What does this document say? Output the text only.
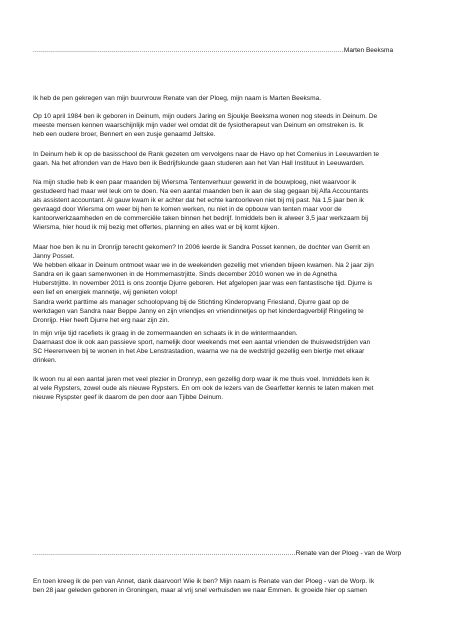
...........................................................................................................................................................Marten Beeksma
Ik heb de pen gekregen van mijn buurvrouw Renate van der Ploeg, mijn naam is Marten Beeksma.
Op 10 april 1984 ben ik geboren in Deinum, mijn ouders Jaring en Sjoukje Beeksma wonen nog steeds in Deinum. De
meeste mensen kennen waarschijnlijk mijn vader wel omdat dit de fysiotherapeut van Deinum en omstreken is. Ik
heb een oudere broer, Bennert en een zusje genaamd Jeltske.
In Deinum heb ik op de basisschool de Rank gezeten om vervolgens naar de Havo op het Comenius in Leeuwarden te
gaan. Na het afronden van de Havo ben ik Bedrijfskunde gaan studeren aan het Van Hall Instituut in Leeuwarden.
Na mijn studie heb ik een paar maanden bij Wiersma Tentenverhuur gewerkt in de bouwploeg, niet waarvoor ik
gestudeerd had maar wel leuk om te doen. Na een aantal maanden ben ik aan de slag gegaan bij Alfa Accountants
als assistent accountant. Al gauw kwam ik er achter dat het echte kantoorleven niet bij mij past. Na 1,5 jaar ben ik
gevraagd door Wiersma om weer bij hen te komen werken, nu niet in de opbouw van tenten maar voor de
kantoorwerkzaamheden en de commerciële taken binnen het bedrijf. Inmiddels ben ik alweer 3,5 jaar werkzaam bij
Wiersma, hier houd ik mij bezig met offertes, planning en alles wat er bij komt kijken.
Maar hoe ben ik nu in Dronrijp terecht gekomen? In 2006 leerde ik Sandra Posset kennen, de dochter van Gerrit en
Janny Posset.
We hebben elkaar in Deinum ontmoet waar we in de weekenden gezellig met vrienden bijeen kwamen. Na 2 jaar zijn
Sandra en ik gaan samenwonen in de Hommemastrjitte. Sinds december 2010 wonen we in de Agnetha
Huberstrjitte. In november 2011 is ons zoontje Djurre geboren. Het afgelopen jaar was een fantastische tijd. Djurre is
een lief en energiek mannetje, wij genieten volop!
Sandra werkt parttime als manager schoolopvang bij de Stichting Kinderopvang Friesland, Djurre gaat op de
werkdagen van Sandra naar Beppe Janny en zijn vriendjes en vriendinnetjes op het kinderdagverblijf Ringeling te
Dronrijp. Hier heeft Djurre het erg naar zijn zin.
In mijn vrije tijd racefiets ik graag in de zomermaanden en schaats ik in de wintermaanden.
Daarnaast doe ik ook aan passieve sport, namelijk door weekends met een aantal vrienden de thuiswedstrijden van
SC Heerenveen bij te wonen in het Abe Lenstrastadion, waarna we na de wedstrijd gezellig een biertje met elkaar
drinken.
Ik woon nu al een aantal jaren met veel plezier in Dronryp, een gezellig dorp waar ik me thuis voel. Inmiddels ken ik
al vele Rypsters, zowel oude als nieuwe Rypsters. En om ook de lezers van de Gearfetter kennis te laten maken met
nieuwe Ryspster geef ik daarom de pen door aan Tjibbe Deinum.
...................................................................................................................................Renate van der Ploeg - van de Worp
En toen kreeg ik de pen van Annet, dank daarvoor! Wie ik ben? Mijn naam is Renate van der Ploeg - van de Worp. Ik
ben 28 jaar geleden geboren in Groningen, maar al vrij snel verhuisden we naar Emmen. Ik groeide hier op samen
